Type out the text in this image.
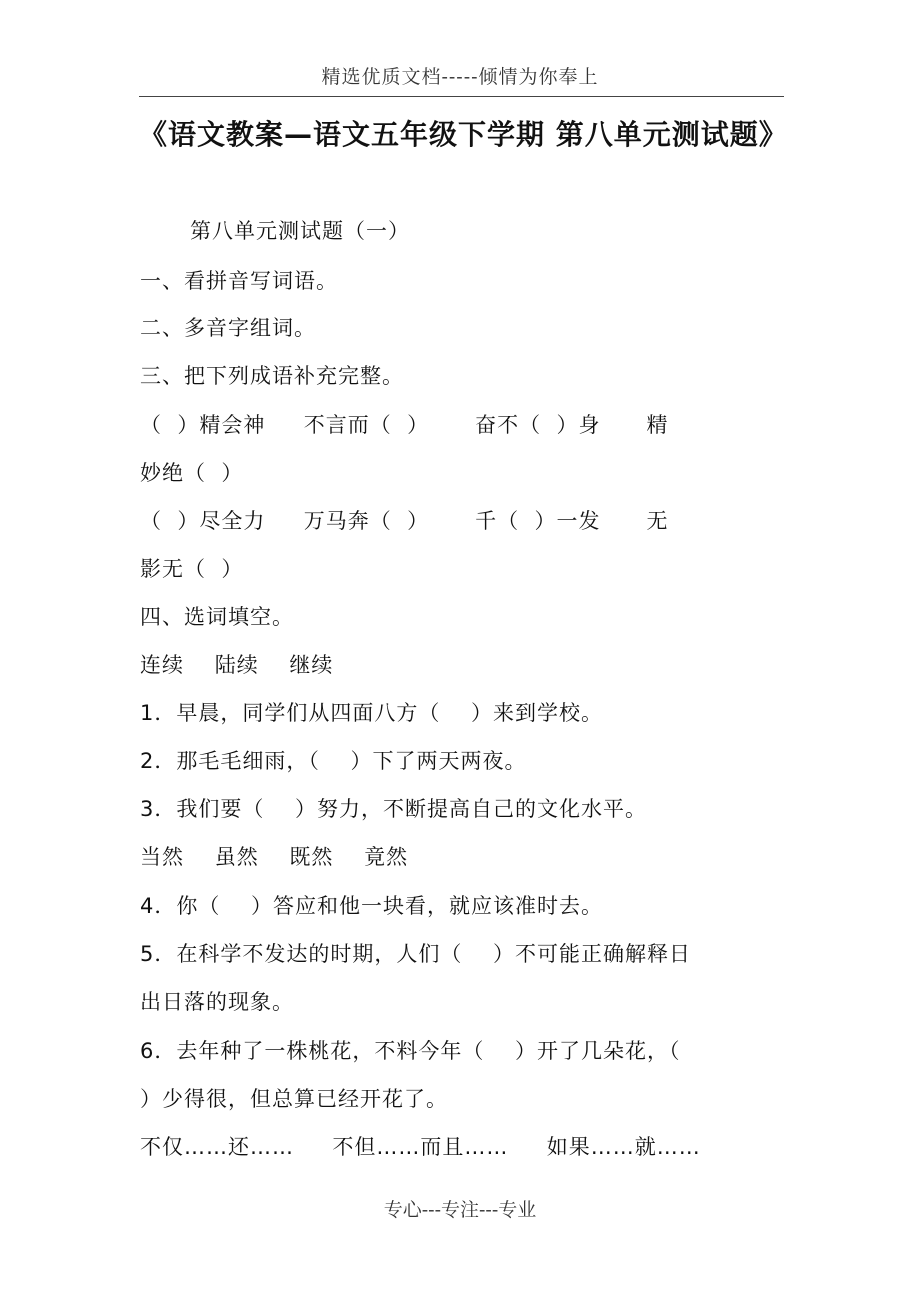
精选优质文档-----倾情为你奉上
《语文教案—语文五年级下学期 第八单元测试题》
第八单元测试题（一）
一、看拼音写词语。
二、多音字组词。
三、把下列成语补充完整。
（  ）精会神     不言而（  ）      奋不（  ）身      精
妙绝（  ）
（  ）尽全力     万马奔（  ）      千（  ）一发      无
影无（  ）
四、选词填空。
连续    陆续    继续
1．早晨，同学们从四面八方（    ）来到学校。
2．那毛毛细雨，（    ）下了两天两夜。
3．我们要（    ）努力，不断提高自己的文化水平。
当然    虽然    既然    竟然
4．你（    ）答应和他一块看，就应该准时去。
5．在科学不发达的时期，人们（    ）不可能正确解释日
出日落的现象。
6．去年种了一株桃花，不料今年（    ）开了几朵花，（
）少得很，但总算已经开花了。
不仅……还……     不但……而且……     如果……就……
专心---专注---专业
